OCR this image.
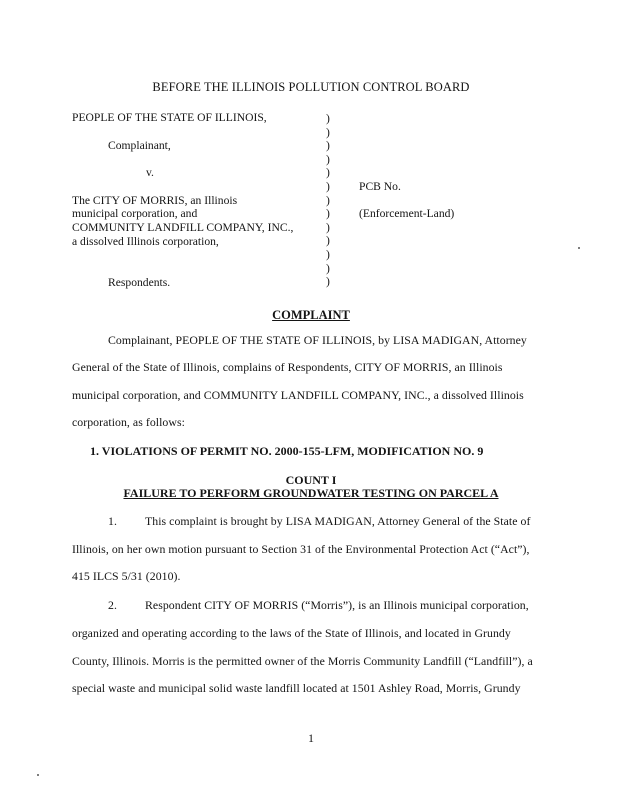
BEFORE THE ILLINOIS POLLUTION CONTROL BOARD
PEOPLE OF THE STATE OF ILLINOIS,
Complainant,
v.
The CITY OF MORRIS, an Illinois
municipal corporation, and
COMMUNITY LANDFILL COMPANY, INC.,
a dissolved Illinois corporation,
Respondents.
PCB No.
(Enforcement-Land)
)
)
)
)
)
)
)
)
)
)
)
)
)
COMPLAINT
Complainant, PEOPLE OF THE STATE OF ILLINOIS, by LISA MADIGAN, Attorney
General of the State of Illinois, complains of Respondents, CITY OF MORRIS, an Illinois
municipal corporation, and COMMUNITY LANDFILL COMPANY, INC., a dissolved Illinois
corporation, as follows:
1. VIOLATIONS OF PERMIT NO. 2000-155-LFM, MODIFICATION NO. 9
COUNT I
FAILURE TO PERFORM GROUNDWATER TESTING ON PARCEL A
1. This complaint is brought by LISA MADIGAN, Attorney General of the State of
Illinois, on her own motion pursuant to Section 31 of the Environmental Protection Act (“Act”),
415 ILCS 5/31 (2010).
2. Respondent CITY OF MORRIS (“Morris”), is an Illinois municipal corporation,
organized and operating according to the laws of the State of Illinois, and located in Grundy
County, Illinois. Morris is the permitted owner of the Morris Community Landfill (“Landfill”), a
special waste and municipal solid waste landfill located at 1501 Ashley Road, Morris, Grundy
1
